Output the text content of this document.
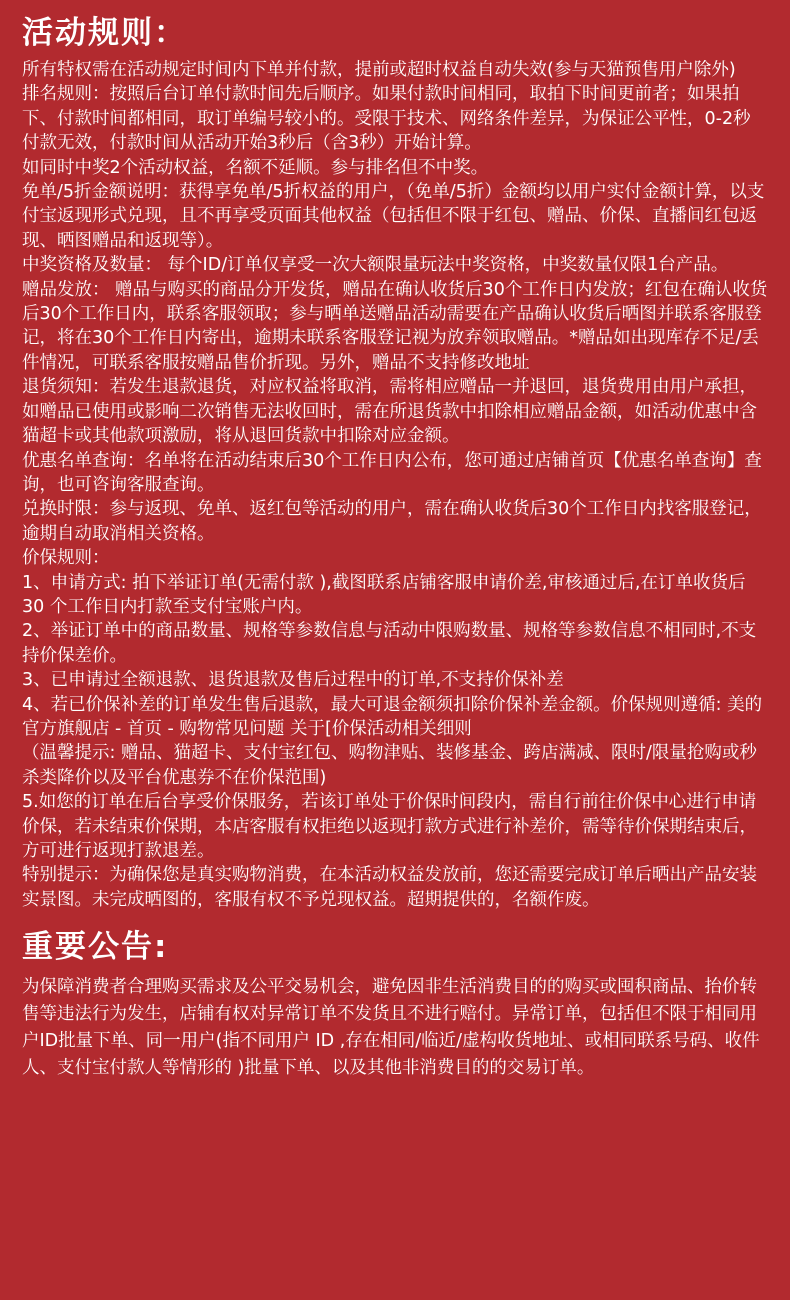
活动规则：

所有特权需在活动规定时间内下单并付款，提前或超时权益自动失效(参与天猫预售用户除外)

排名规则：按照后台订单付款时间先后顺序。如果付款时间相同，取拍下时间更前者；如果拍下、付款时间都相同，取订单编号较小的。受限于技术、网络条件差异，为保证公平性，0-2秒付款无效，付款时间从活动开始3秒后（含3秒）开始计算。

如同时中奖2个活动权益，名额不延顺。参与排名但不中奖。

免单/5折金额说明：获得享免单/5折权益的用户，（免单/5折）金额均以用户实付金额计算，以支付宝返现形式兑现，且不再享受页面其他权益（包括但不限于红包、赠品、价保、直播间红包返现、晒图赠品和返现等）。

中奖资格及数量： 每个ID/订单仅享受一次大额限量玩法中奖资格，中奖数量仅限1台产品。

赠品发放： 赠品与购买的商品分开发货，赠品在确认收货后30个工作日内发放；红包在确认收货后30个工作日内，联系客服领取；参与晒单送赠品活动需要在产品确认收货后晒图并联系客服登记，将在30个工作日内寄出，逾期未联系客服登记视为放弃领取赠品。*赠品如出现库存不足/丢件情况，可联系客服按赠品售价折现。另外，赠品不支持修改地址

退货须知：若发生退款退货，对应权益将取消，需将相应赠品一并退回，退货费用由用户承担，如赠品已使用或影响二次销售无法收回时，需在所退货款中扣除相应赠品金额，如活动优惠中含猫超卡或其他款项激励，将从退回货款中扣除对应金额。

优惠名单查询：名单将在活动结束后30个工作日内公布，您可通过店铺首页【优惠名单查询】查询，也可咨询客服查询。

兑换时限：参与返现、免单、返红包等活动的用户，需在确认收货后30个工作日内找客服登记，逾期自动取消相关资格。

价保规则：

1、申请方式: 拍下举证订单(无需付款 ),截图联系店铺客服申请价差,审核通过后,在订单收货后 30 个工作日内打款至支付宝账户内。

2、举证订单中的商品数量、规格等参数信息与活动中限购数量、规格等参数信息不相同时,不支持价保差价。

3、已申请过全额退款、退货退款及售后过程中的订单,不支持价保补差

4、若已价保补差的订单发生售后退款，最大可退金额须扣除价保补差金额。价保规则遵循: 美的官方旗舰店 - 首页 - 购物常见问题 关于[价保活动相关细则

（温馨提示: 赠品、猫超卡、支付宝红包、购物津贴、装修基金、跨店满减、限时/限量抢购或秒杀类降价以及平台优惠券不在价保范围)

5.如您的订单在后台享受价保服务，若该订单处于价保时间段内，需自行前往价保中心进行申请价保，若未结束价保期，本店客服有权拒绝以返现打款方式进行补差价，需等待价保期结束后，方可进行返现打款退差。

特别提示：为确保您是真实购物消费，在本活动权益发放前，您还需要完成订单后晒出产品安装实景图。未完成晒图的，客服有权不予兑现权益。超期提供的，名额作废。

重要公告:

为保障消费者合理购买需求及公平交易机会，避免因非生活消费目的的购买或囤积商品、抬价转售等违法行为发生，店铺有权对异常订单不发货且不进行赔付。异常订单，包括但不限于相同用户ID批量下单、同一用户(指不同用户 ID ,存在相同/临近/虚构收货地址、或相同联系号码、收件人、支付宝付款人等情形的 )批量下单、以及其他非消费目的的交易订单。
